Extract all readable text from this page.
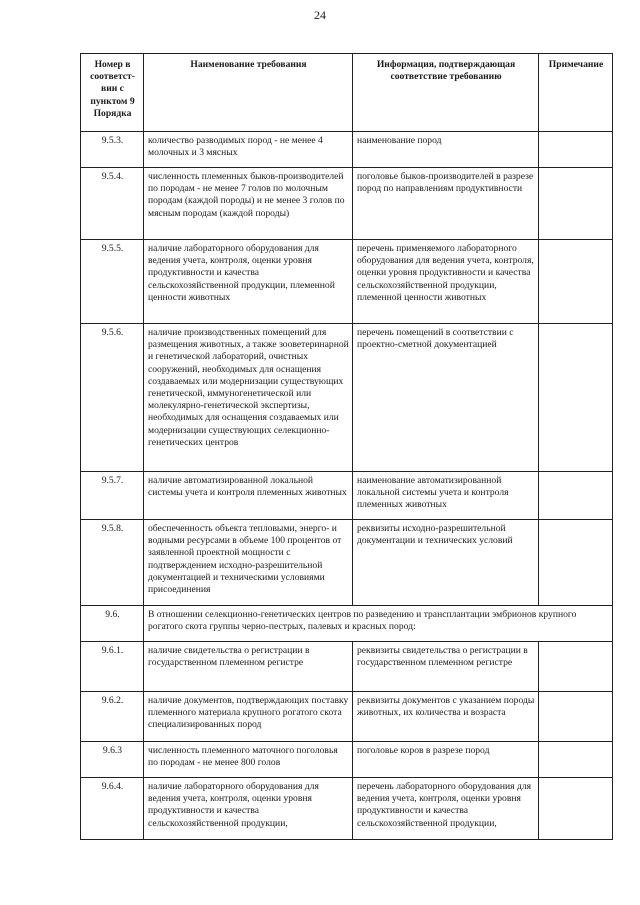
24
Номер в соответст-вии с пунктом 9 Порядка	Наименование требования	Информация, подтверждающая соответствие требованию	Примечание
9.5.3.	количество разводимых пород - не менее 4 молочных и 3 мясных	наименование пород	
9.5.4.	численность племенных быков-производителей по породам - не менее 7 голов по молочным породам (каждой породы) и не менее 3 голов по мясным породам (каждой породы)	поголовье быков-производителей в разрезе пород по направлениям продуктивности	
9.5.5.	наличие лабораторного оборудования для ведения учета, контроля, оценки уровня продуктивности и качества сельскохозяйственной продукции, племенной ценности животных	перечень применяемого лабораторного оборудования для ведения учета, контроля, оценки уровня продуктивности и качества сельскохозяйственной продукции, племенной ценности животных	
9.5.6.	наличие производственных помещений для размещения животных, а также зооветеринарной и генетической лабораторий, очистных сооружений, необходимых для оснащения создаваемых или модернизации существующих генетической, иммуногенетической или молекулярно-генетической экспертизы, необходимых для оснащения создаваемых или модернизации существующих селекционно-генетических центров	перечень помещений в соответствии с проектно-сметной документацией	
9.5.7.	наличие автоматизированной локальной системы учета и контроля племенных животных	наименование автоматизированной локальной системы учета и контроля племенных животных	
9.5.8.	обеспеченность объекта тепловыми, энерго- и водными ресурсами в объеме 100 процентов от заявленной проектной мощности с подтверждением исходно-разрешительной документацией и техническими условиями присоединения	реквизиты исходно-разрешительной документации и технических условий	
9.6.	В отношении селекционно-генетических центров по разведению и трансплантации эмбрионов крупного рогатого скота группы черно-пестрых, палевых и красных пород:		
9.6.1.	наличие свидетельства о регистрации в государственном племенном регистре	реквизиты свидетельства о регистрации в государственном племенном регистре	
9.6.2.	наличие документов, подтверждающих поставку племенного материала крупного рогатого скота специализированных пород	реквизиты документов с указанием породы животных, их количества и возраста	
9.6.3	численность племенного маточного поголовья по породам - не менее 800 голов	поголовье коров в разрезе пород	
9.6.4.	наличие лабораторного оборудования для ведения учета, контроля, оценки уровня продуктивности и качества сельскохозяйственной продукции,	перечень лабораторного оборудования для ведения учета, контроля, оценки уровня продуктивности и качества сельскохозяйственной продукции,	
